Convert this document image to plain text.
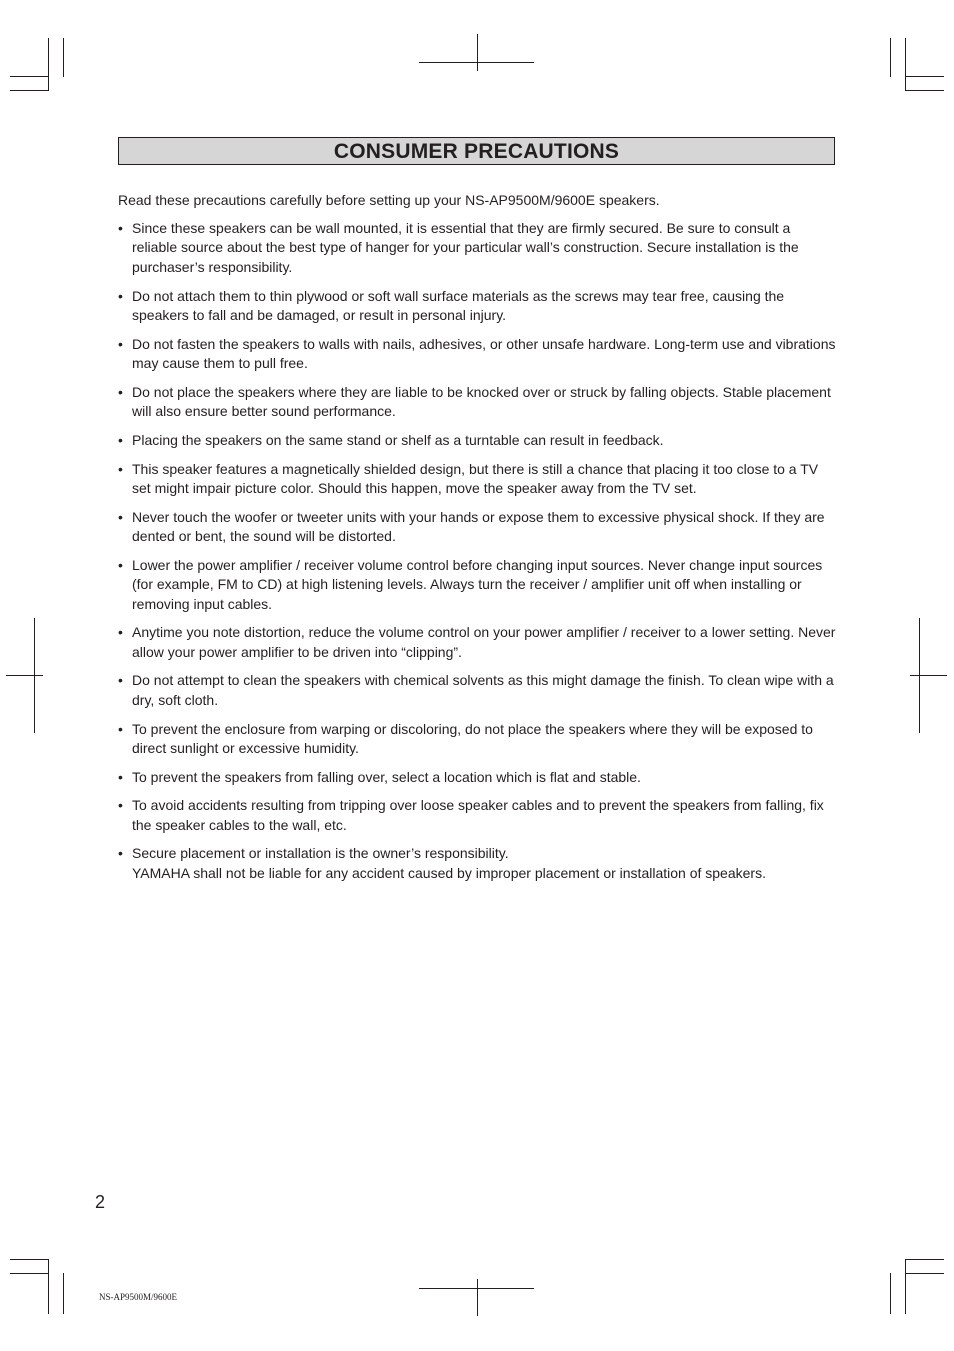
CONSUMER PRECAUTIONS

Read these precautions carefully before setting up your NS-AP9500M/9600E speakers.

• Since these speakers can be wall mounted, it is essential that they are firmly secured. Be sure to consult a reliable source about the best type of hanger for your particular wall’s construction. Secure installation is the purchaser’s responsibility.
• Do not attach them to thin plywood or soft wall surface materials as the screws may tear free, causing the speakers to fall and be damaged, or result in personal injury.
• Do not fasten the speakers to walls with nails, adhesives, or other unsafe hardware. Long-term use and vibrations may cause them to pull free.
• Do not place the speakers where they are liable to be knocked over or struck by falling objects. Stable placement will also ensure better sound performance.
• Placing the speakers on the same stand or shelf as a turntable can result in feedback.
• This speaker features a magnetically shielded design, but there is still a chance that placing it too close to a TV set might impair picture color. Should this happen, move the speaker away from the TV set.
• Never touch the woofer or tweeter units with your hands or expose them to excessive physical shock. If they are dented or bent, the sound will be distorted.
• Lower the power amplifier / receiver volume control before changing input sources. Never change input sources (for example, FM to CD) at high listening levels. Always turn the receiver / amplifier unit off when installing or removing input cables.
• Anytime you note distortion, reduce the volume control on your power amplifier / receiver to a lower setting. Never allow your power amplifier to be driven into “clipping”.
• Do not attempt to clean the speakers with chemical solvents as this might damage the finish. To clean wipe with a dry, soft cloth.
• To prevent the enclosure from warping or discoloring, do not place the speakers where they will be exposed to direct sunlight or excessive humidity.
• To prevent the speakers from falling over, select a location which is flat and stable.
• To avoid accidents resulting from tripping over loose speaker cables and to prevent the speakers from falling, fix the speaker cables to the wall, etc.
• Secure placement or installation is the owner’s responsibility.
YAMAHA shall not be liable for any accident caused by improper placement or installation of speakers.
2
NS-AP9500M/9600E
